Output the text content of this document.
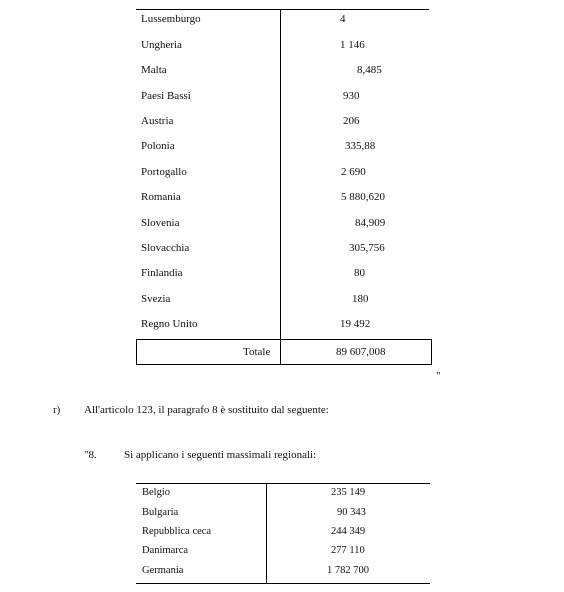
Lussemburgo	4
Ungheria	1 146
Malta	8,485
Paesi Bassi	930
Austria	206
Polonia	335,88
Portogallo	2 690
Romania	5 880,620
Slovenia	84,909
Slovacchia	305,756
Finlandia	80
Svezia	180
Regno Unito	19 492
Totale	89 607,008
"
r) All'articolo 123, il paragrafo 8 è sostituito dal seguente:
"8. Si applicano i seguenti massimali regionali:
Belgio	235 149
Bulgaria	90 343
Repubblica ceca	244 349
Danimarca	277 110
Germania	1 782 700
